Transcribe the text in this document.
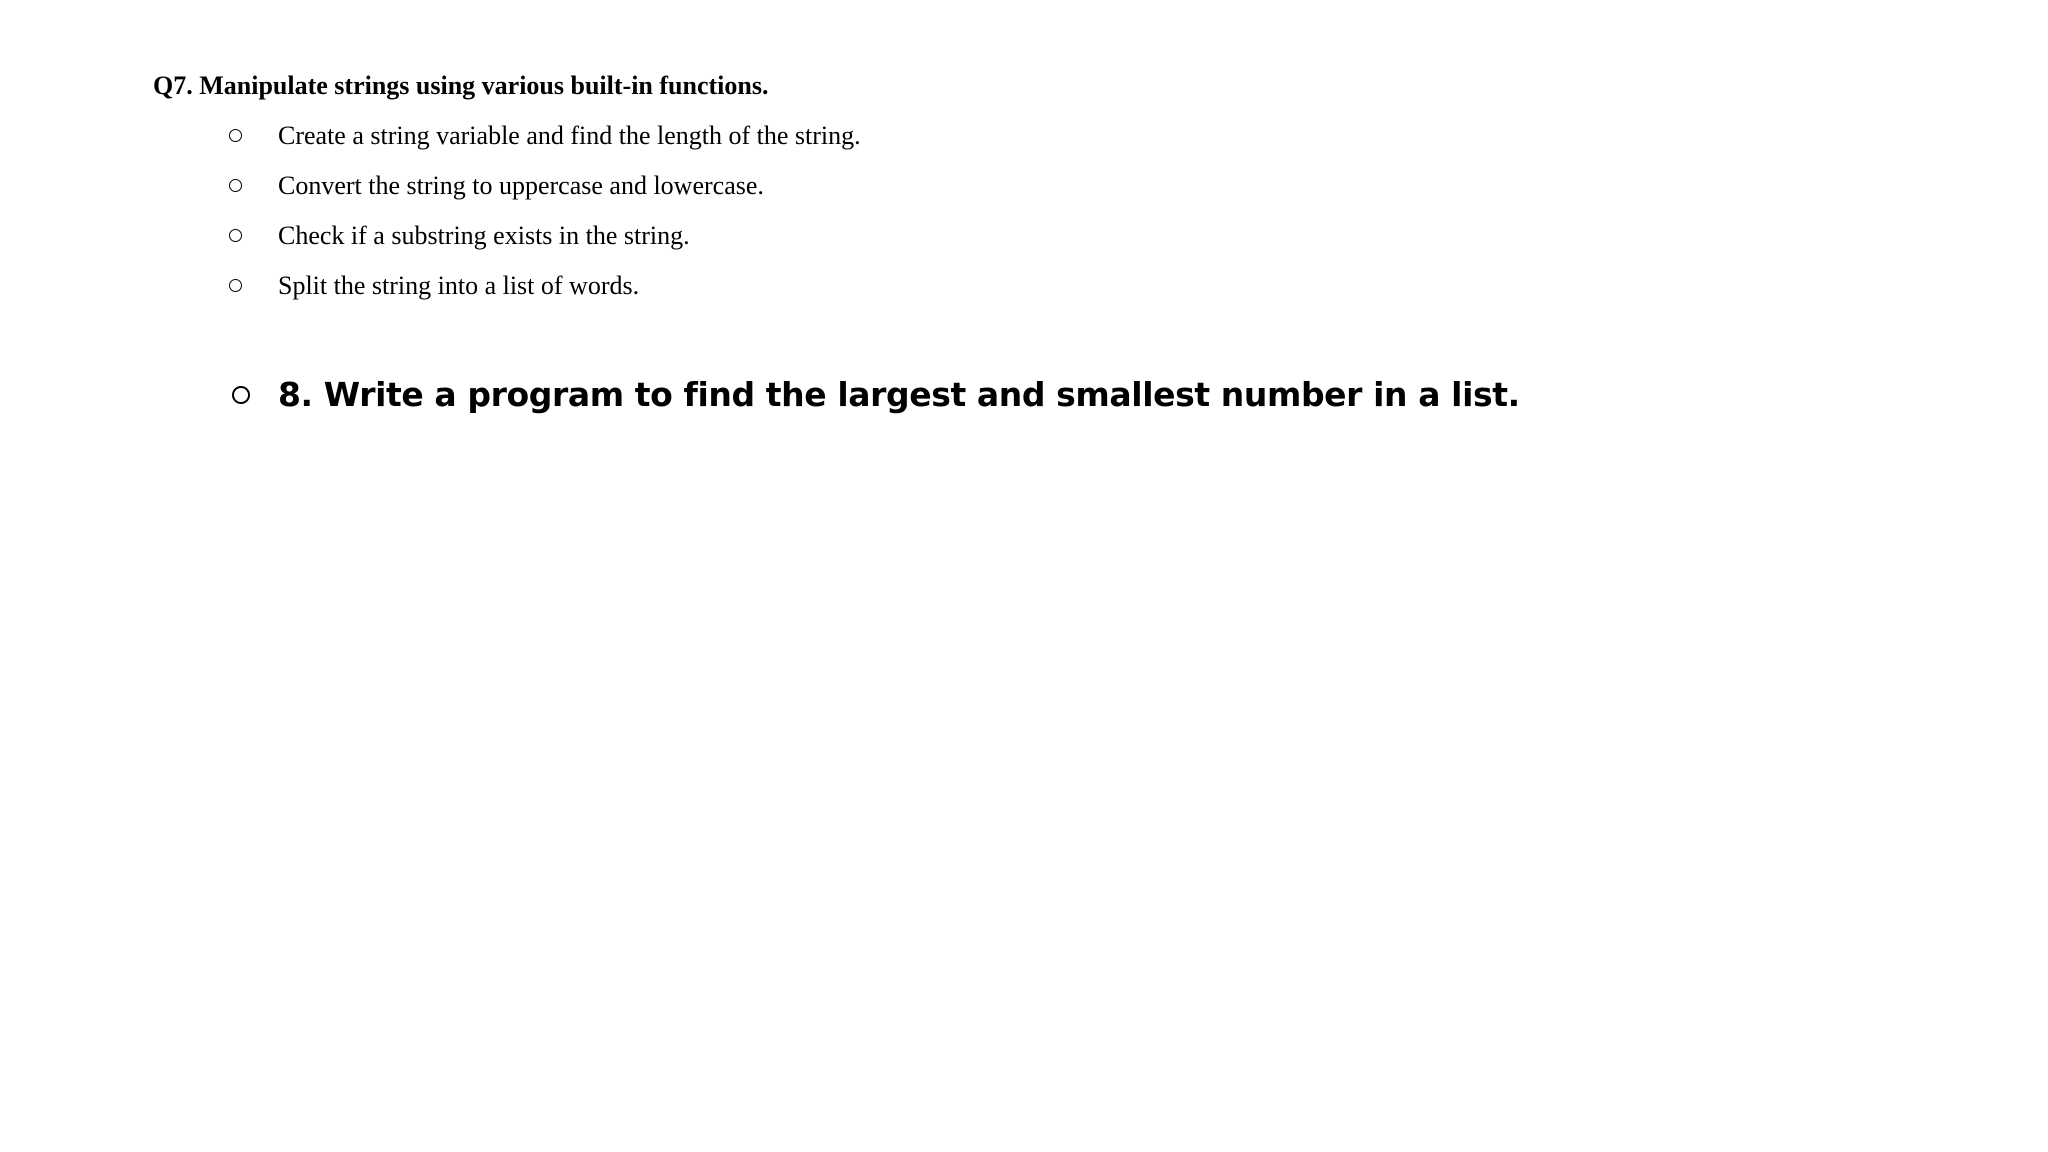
Q7. Manipulate strings using various built-in functions.
Create a string variable and find the length of the string.
Convert the string to uppercase and lowercase.
Check if a substring exists in the string.
Split the string into a list of words.
8. Write a program to find the largest and smallest number in a list.
